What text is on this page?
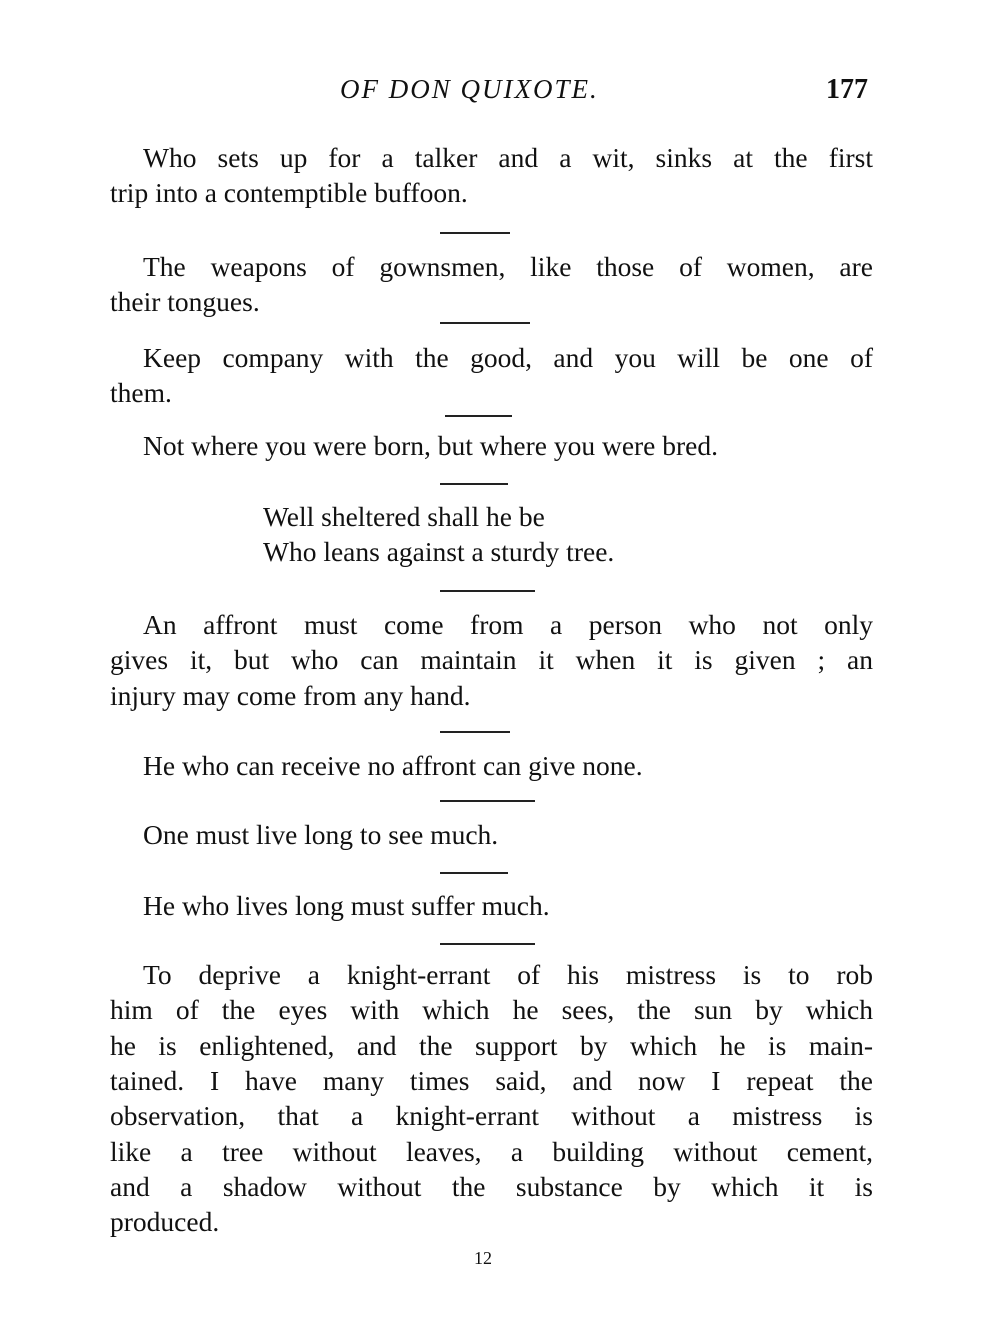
OF DON QUIXOTE.	177
Who sets up for a talker and a wit, sinks at the first
trip into a contemptible buffoon.
The weapons of gownsmen, like those of women, are
their tongues.
Keep company with the good, and you will be one of
them.
Not where you were born, but where you were bred.
Well sheltered shall he be
Who leans against a sturdy tree.
An affront must come from a person who not only
gives it, but who can maintain it when it is given ; an
injury may come from any hand.
He who can receive no affront can give none.
One must live long to see much.
He who lives long must suffer much.
To deprive a knight-errant of his mistress is to rob
him of the eyes with which he sees, the sun by which
he is enlightened, and the support by which he is main-
tained. I have many times said, and now I repeat the
observation, that a knight-errant without a mistress is
like a tree without leaves, a building without cement,
and a shadow without the substance by which it is
produced.
12
